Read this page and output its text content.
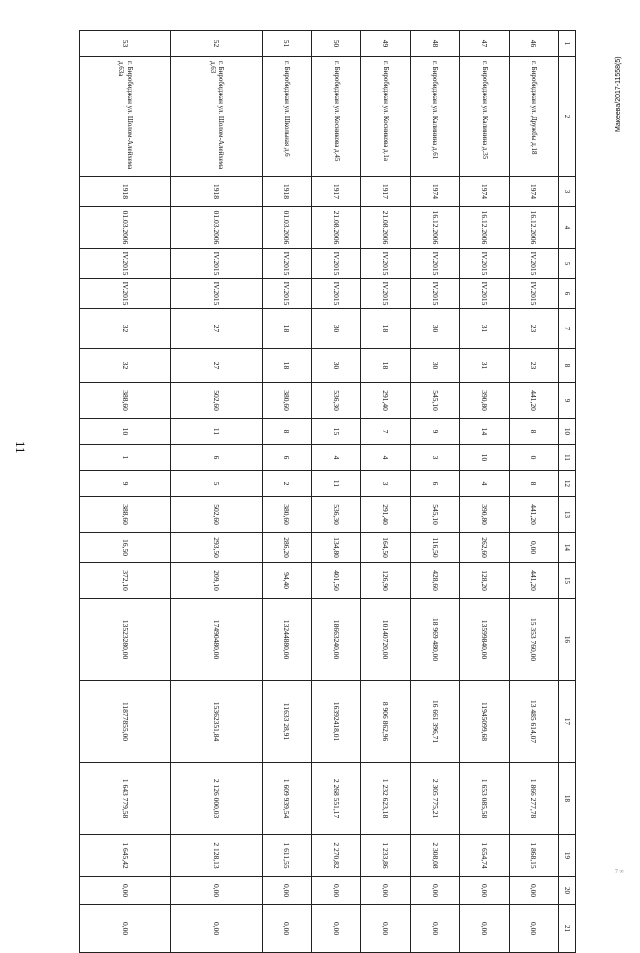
11
Макеева/2017-11558(5)
1	2	3	4	5	6	7	8	9	10	11	12	13	14	15	16	17	18	19	20	21
46	г. Биробиджан ул. Дружбы д.18	1974	16.12.2006	IV.2015	IV.2015	23	23	441,20	8	0	8	441,20	0,00	441,20	15 353 760,00	13 485 614,07	1 866 277,78	1 868,15	0,00	0,00
47	г. Биробиджан ул. Калинина д.35	1974	16.12.2006	IV.2015	IV.2015	31	31	390,80	14	10	4	390,80	262,60	128,20	13599840,00	11945099,68	1 653 085,58	1 654,74	0,00	0,00
48	г. Биробиджан ул. Калинина д.61	1974	16.12.2006	IV.2015	IV.2015	30	30	545,10	9	3	6	545,10	116,50	428,60	18 969 480,00	16 661 396,71	2 305 775,21	2 308,08	0,00	0,00
49	г. Биробиджан ул. Косникова д.1а	1917	21.08.2006	IV.2015	IV.2015	18	18	291,40	7	4	3	291,40	164,50	126,90	10140720,00	8 906 862,96	1 232 623,18	1 233,86	0,00	0,00
50	г. Биробиджан ул. Косникова д.45	1917	21.08.2006	IV.2015	IV.2015	30	30	536,30	15	4	11	536,30	134,80	401,50	18663240,00	16392418,01	2 268 551,17	2 270,82	0,00	0,00
51	г. Биробиджан ул. Школьная д.6	1918	01.03.2006	IV.2015	IV.2015	18	18	380,60	8	6	2	380,60	286,20	94,40	13244880,00	11633 28,91	1 609 939,54	1 611,55	0,00	0,00
52	г. Биробиджан ул. Шолом-Алейхема д.63	1918	01.03.2006	IV.2015	IV.2015	27	27	502,60	11	6	5	502,60	293,50	209,10	17490480,00	15362351,84	2 126 000,03	2 128,13	0,00	0,00
53	г. Биробиджан ул. Шолом-Алейхема д.63а	1918	01.03.2006	IV.2015	IV.2015	32	32	388,60	10	1	9	388,60	16,50	372,10	13523280,00	11877855,00	1 643 779,58	1 645,42	0,00	0,00
7 ∞
